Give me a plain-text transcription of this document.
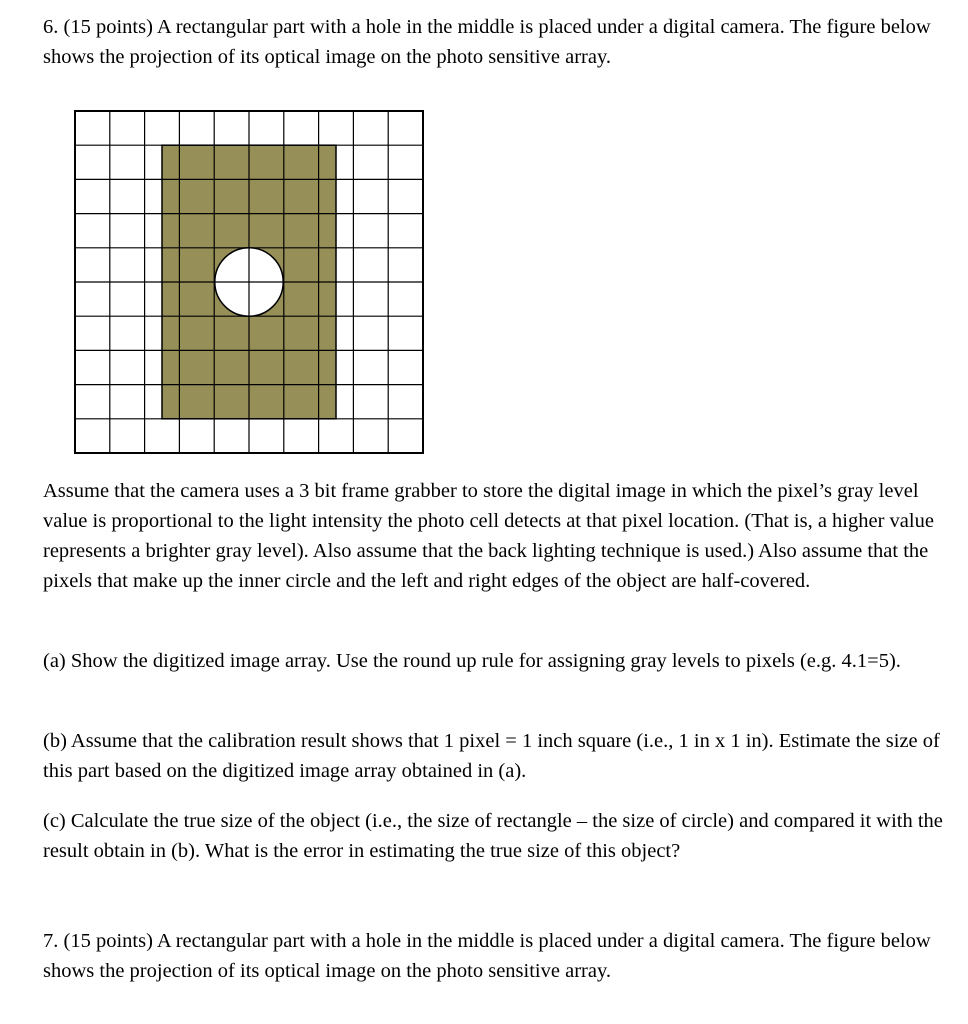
6. (15 points) A rectangular part with a hole in the middle is placed under a digital camera. The figure below shows the projection of its optical image on the photo sensitive array.

Assume that the camera uses a 3 bit frame grabber to store the digital image in which the pixel’s gray level value is proportional to the light intensity the photo cell detects at that pixel location. (That is, a higher value represents a brighter gray level). Also assume that the back lighting technique is used.) Also assume that the pixels that make up the inner circle and the left and right edges of the object are half-covered.

(a) Show the digitized image array. Use the round up rule for assigning gray levels to pixels (e.g. 4.1=5).

(b) Assume that the calibration result shows that 1 pixel = 1 inch square (i.e., 1 in x 1 in). Estimate the size of this part based on the digitized image array obtained in (a).

(c) Calculate the true size of the object (i.e., the size of rectangle – the size of circle) and compared it with the result obtain in (b). What is the error in estimating the true size of this object?

7. (15 points) A rectangular part with a hole in the middle is placed under a digital camera. The figure below shows the projection of its optical image on the photo sensitive array.
